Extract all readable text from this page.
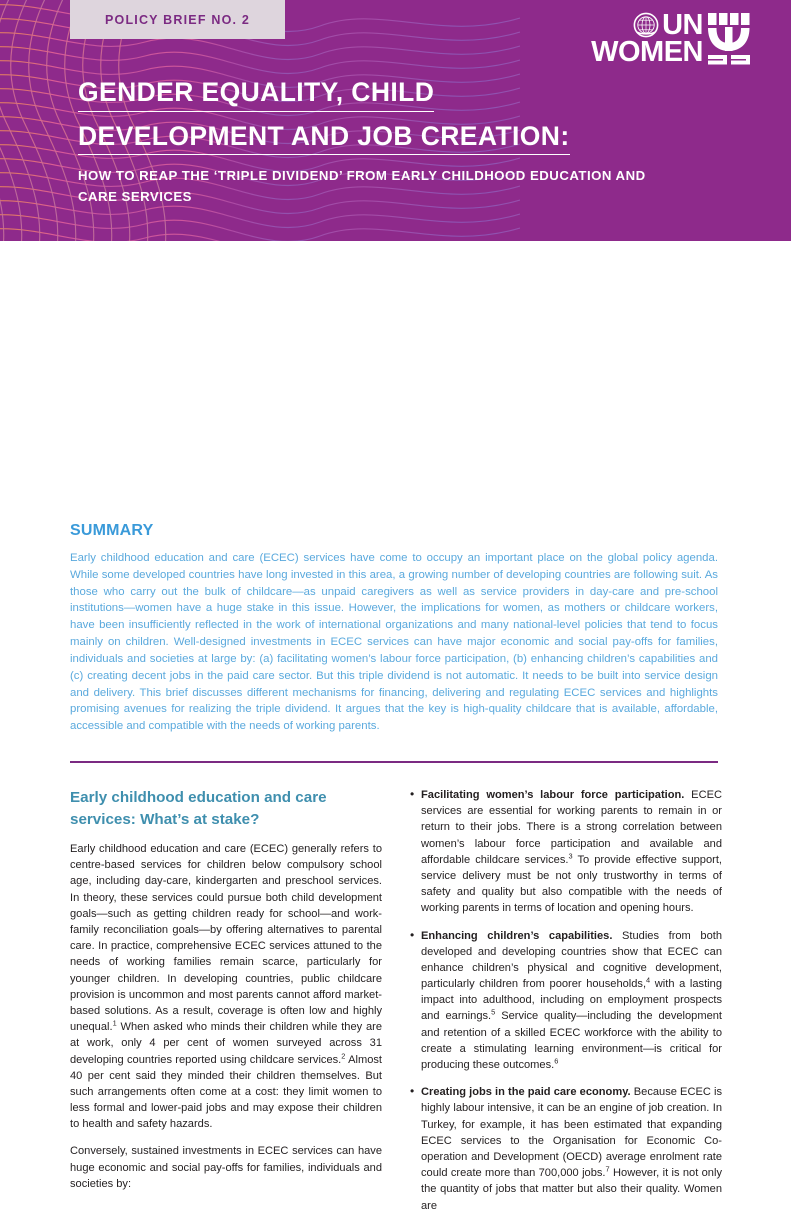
POLICY BRIEF NO. 2	UN
WOMEN
GENDER EQUALITY, CHILD
DEVELOPMENT AND JOB CREATION:
HOW TO REAP THE ‘TRIPLE DIVIDEND’ FROM EARLY CHILDHOOD EDUCATION AND CARE SERVICES
SUMMARY

Early childhood education and care (ECEC) services have come to occupy an important place on the global policy agenda. While some developed countries have long invested in this area, a growing number of developing countries are following suit. As those who carry out the bulk of childcare—as unpaid caregivers as well as service providers in day-care and pre-school institutions—women have a huge stake in this issue. However, the implications for women, as mothers or childcare workers, have been insufficiently reflected in the work of international organizations and many national-level policies that tend to focus mainly on children. Well-designed investments in ECEC services can have major economic and social pay-offs for families, individuals and societies at large by: (a) facilitating women’s labour force participation, (b) enhancing children’s capabilities and (c) creating decent jobs in the paid care sector. But this triple dividend is not automatic. It needs to be built into service design and delivery. This brief discusses different mechanisms for financing, delivering and regulating ECEC services and highlights promising avenues for realizing the triple dividend. It argues that the key is high-quality childcare that is available, affordable, accessible and compatible with the needs of working parents.

Early childhood education and care services: What’s at stake?

Early childhood education and care (ECEC) generally refers to centre-based services for children below compulsory school age, including day-care, kindergarten and preschool services. In theory, these services could pursue both child development goals—such as getting children ready for school—and work-family reconciliation goals—by offering alternatives to parental care. In practice, comprehensive ECEC services attuned to the needs of working families remain scarce, particularly for younger children. In developing countries, public childcare provision is uncommon and most parents cannot afford market-based solutions. As a result, coverage is often low and highly unequal.$^1$ When asked who minds their children while they are at work, only 4 per cent of women surveyed across 31 developing countries reported using childcare services.$^2$ Almost 40 per cent said they minded their children themselves. But such arrangements often come at a cost: they limit women to less formal and lower-paid jobs and may expose their children to health and safety hazards.

Conversely, sustained investments in ECEC services can have huge economic and social pay-offs for families, individuals and societies by:

• Facilitating women’s labour force participation. ECEC services are essential for working parents to remain in or return to their jobs. There is a strong correlation between women’s labour force participation and available and affordable childcare services.$^3$ To provide effective support, service delivery must be not only trustworthy in terms of safety and quality but also compatible with the needs of working parents in terms of location and opening hours.
• Enhancing children’s capabilities. Studies from both developed and developing countries show that ECEC can enhance children’s physical and cognitive development, particularly children from poorer households,$^4$ with a lasting impact into adulthood, including on employment prospects and earnings.$^5$ Service quality—including the development and retention of a skilled ECEC workforce with the ability to create a stimulating learning environment—is critical for producing these outcomes.$^6$
• Creating jobs in the paid care economy. Because ECEC is highly labour intensive, it can be an engine of job creation. In Turkey, for example, it has been estimated that expanding ECEC services to the Organisation for Economic Co-operation and Development (OECD) average enrolment rate could create more than 700,000 jobs.$^7$ However, it is not only the quantity of jobs that matter but also their quality. Women are
